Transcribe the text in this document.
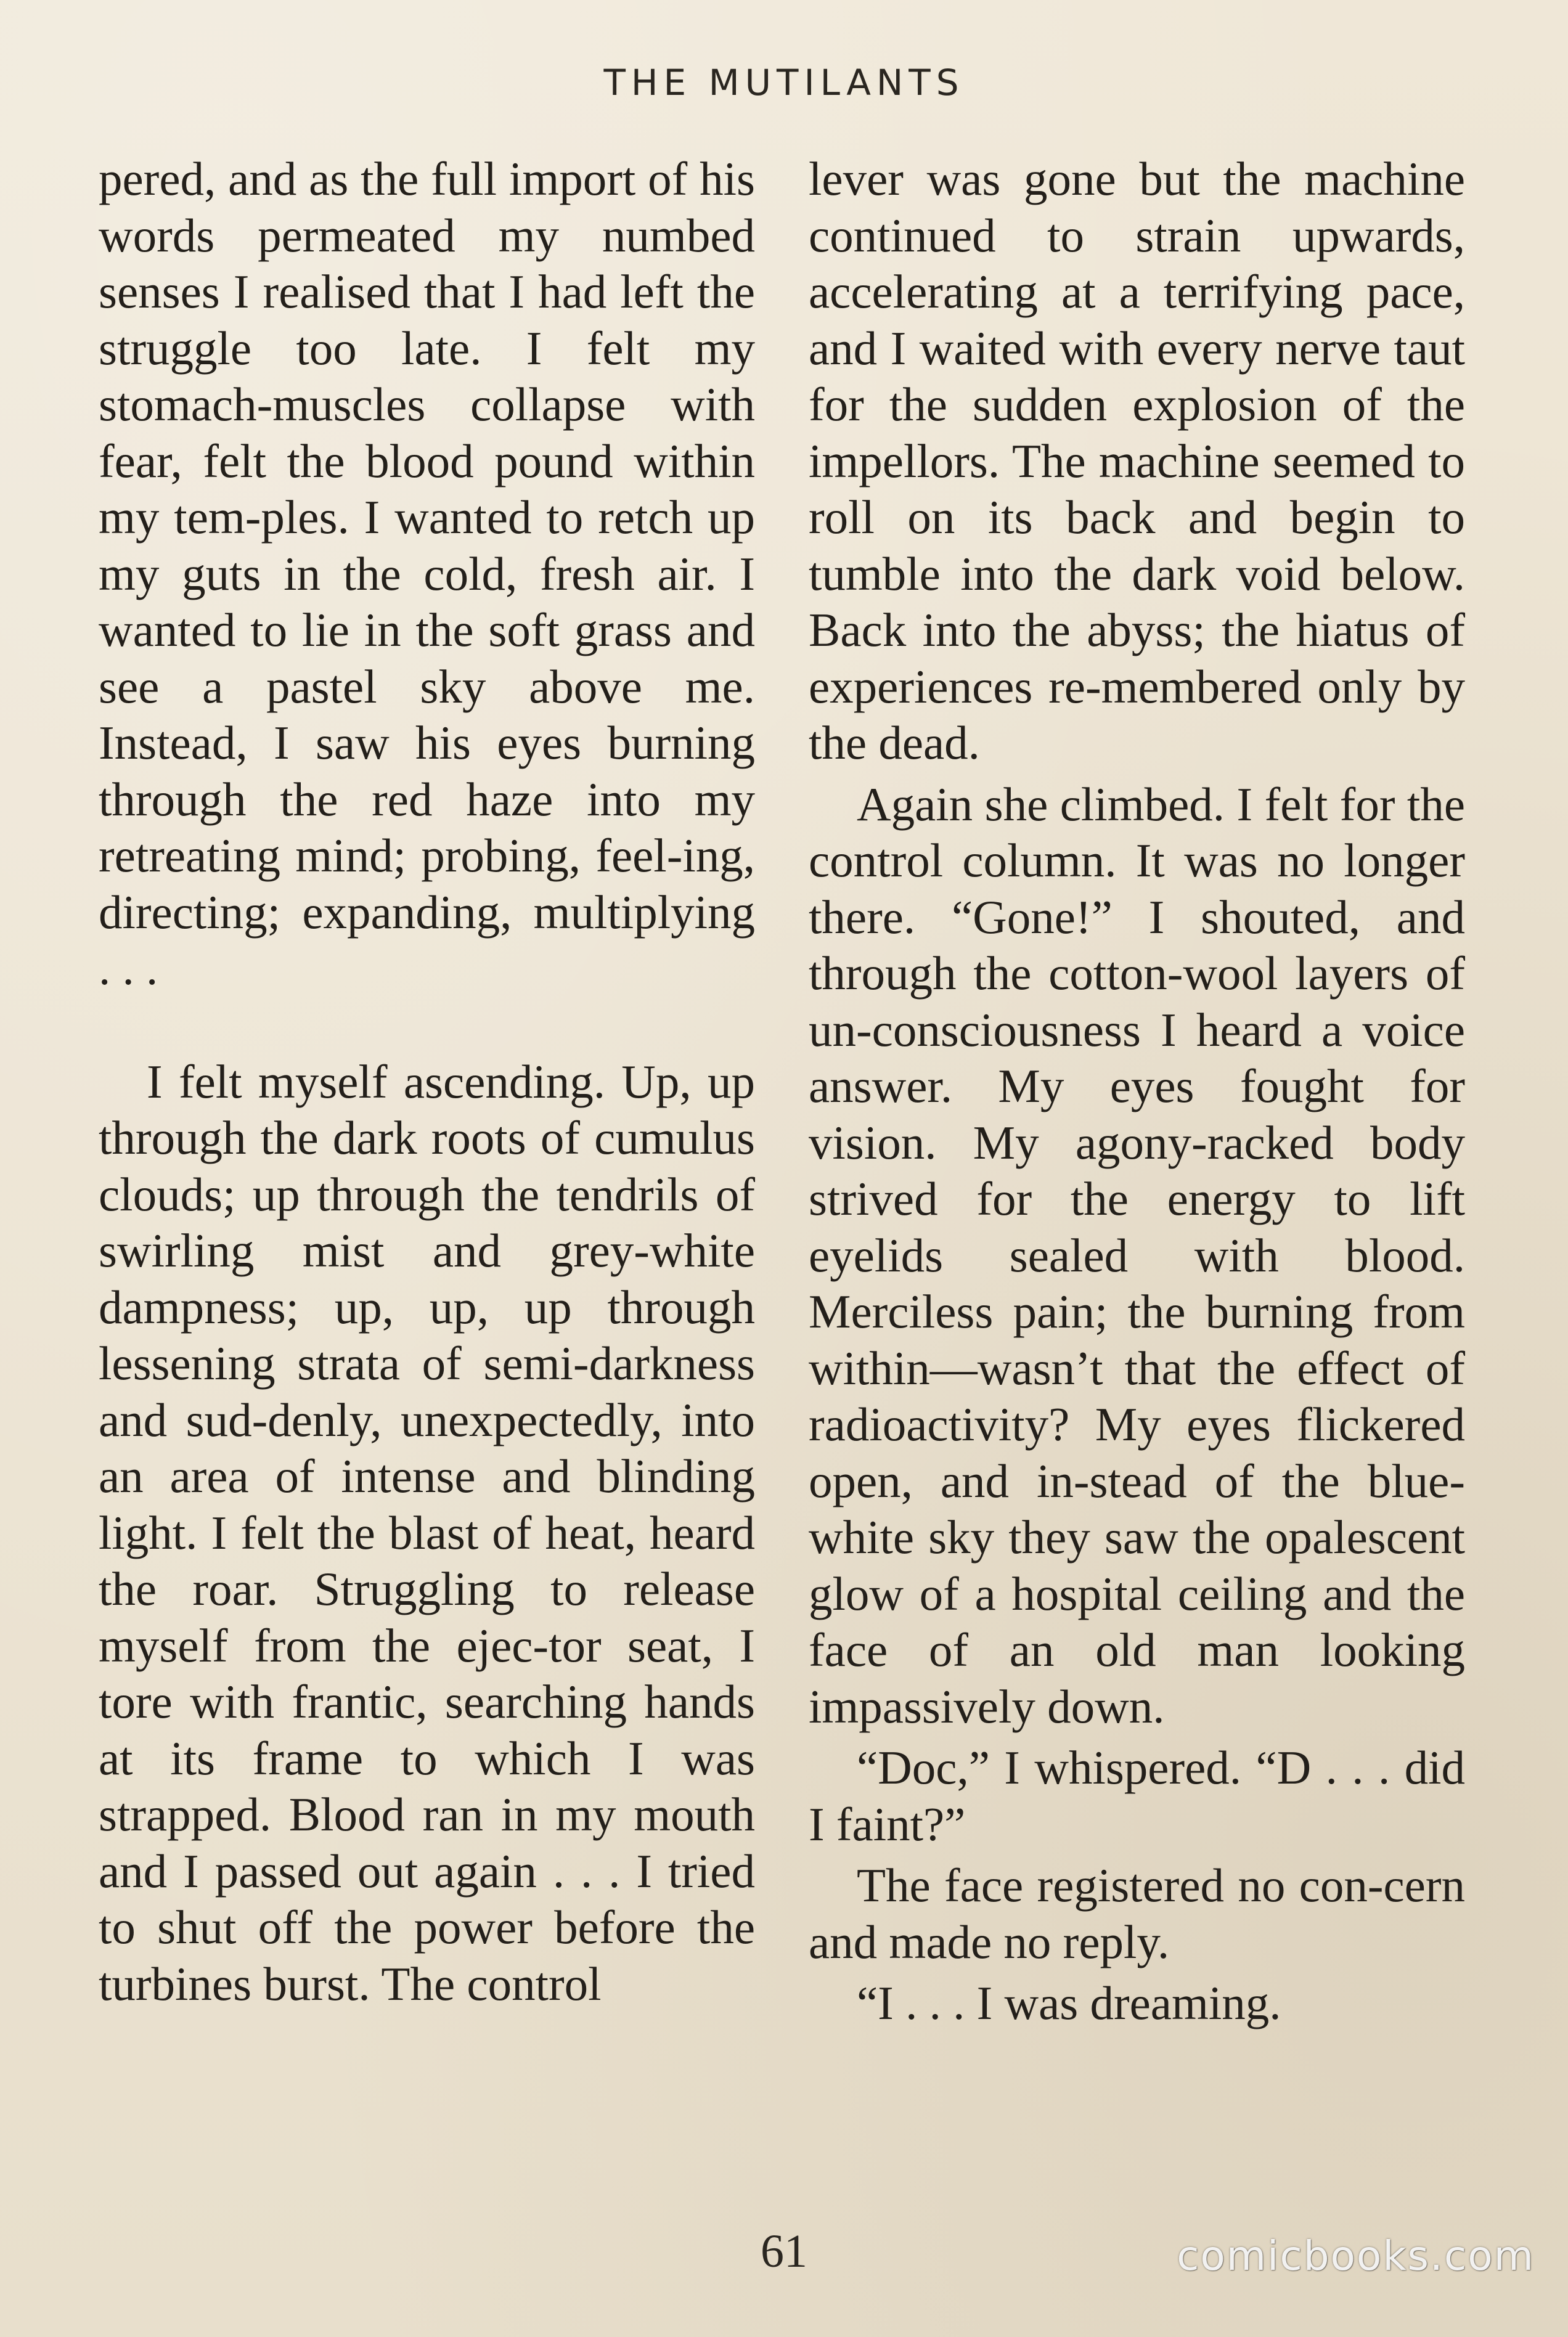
THE MUTILANTS

pered, and as the full import of his words permeated my numbed senses I realised that I had left the struggle too late. I felt my stomach-muscles collapse with fear, felt the blood pound within my tem-ples. I wanted to retch up my guts in the cold, fresh air. I wanted to lie in the soft grass and see a pastel sky above me. Instead, I saw his eyes burning through the red haze into my retreating mind; probing, feel-ing, directing; expanding, multiplying . . .

I felt myself ascending. Up, up through the dark roots of cumulus clouds; up through the tendrils of swirling mist and grey-white dampness; up, up, up through lessening strata of semi-darkness and sud-denly, unexpectedly, into an area of intense and blinding light. I felt the blast of heat, heard the roar. Struggling to release myself from the ejec-tor seat, I tore with frantic, searching hands at its frame to which I was strapped. Blood ran in my mouth and I passed out again . . . I tried to shut off the power before the turbines burst. The control

lever was gone but the machine continued to strain upwards, accelerating at a terrifying pace, and I waited with every nerve taut for the sudden explosion of the impellors. The machine seemed to roll on its back and begin to tumble into the dark void below. Back into the abyss; the hiatus of experiences re-membered only by the dead.

Again she climbed. I felt for the control column. It was no longer there. “Gone!” I shouted, and through the cotton-wool layers of un-consciousness I heard a voice answer. My eyes fought for vision. My agony-racked body strived for the energy to lift eyelids sealed with blood. Merciless pain; the burning from within—wasn’t that the effect of radioactivity? My eyes flickered open, and in-stead of the blue-white sky they saw the opalescent glow of a hospital ceiling and the face of an old man looking impassively down.

“Doc,” I whispered. “D . . . did I faint?”

The face registered no con-cern and made no reply.

“I . . . I was dreaming.

61	comicbooks.com
